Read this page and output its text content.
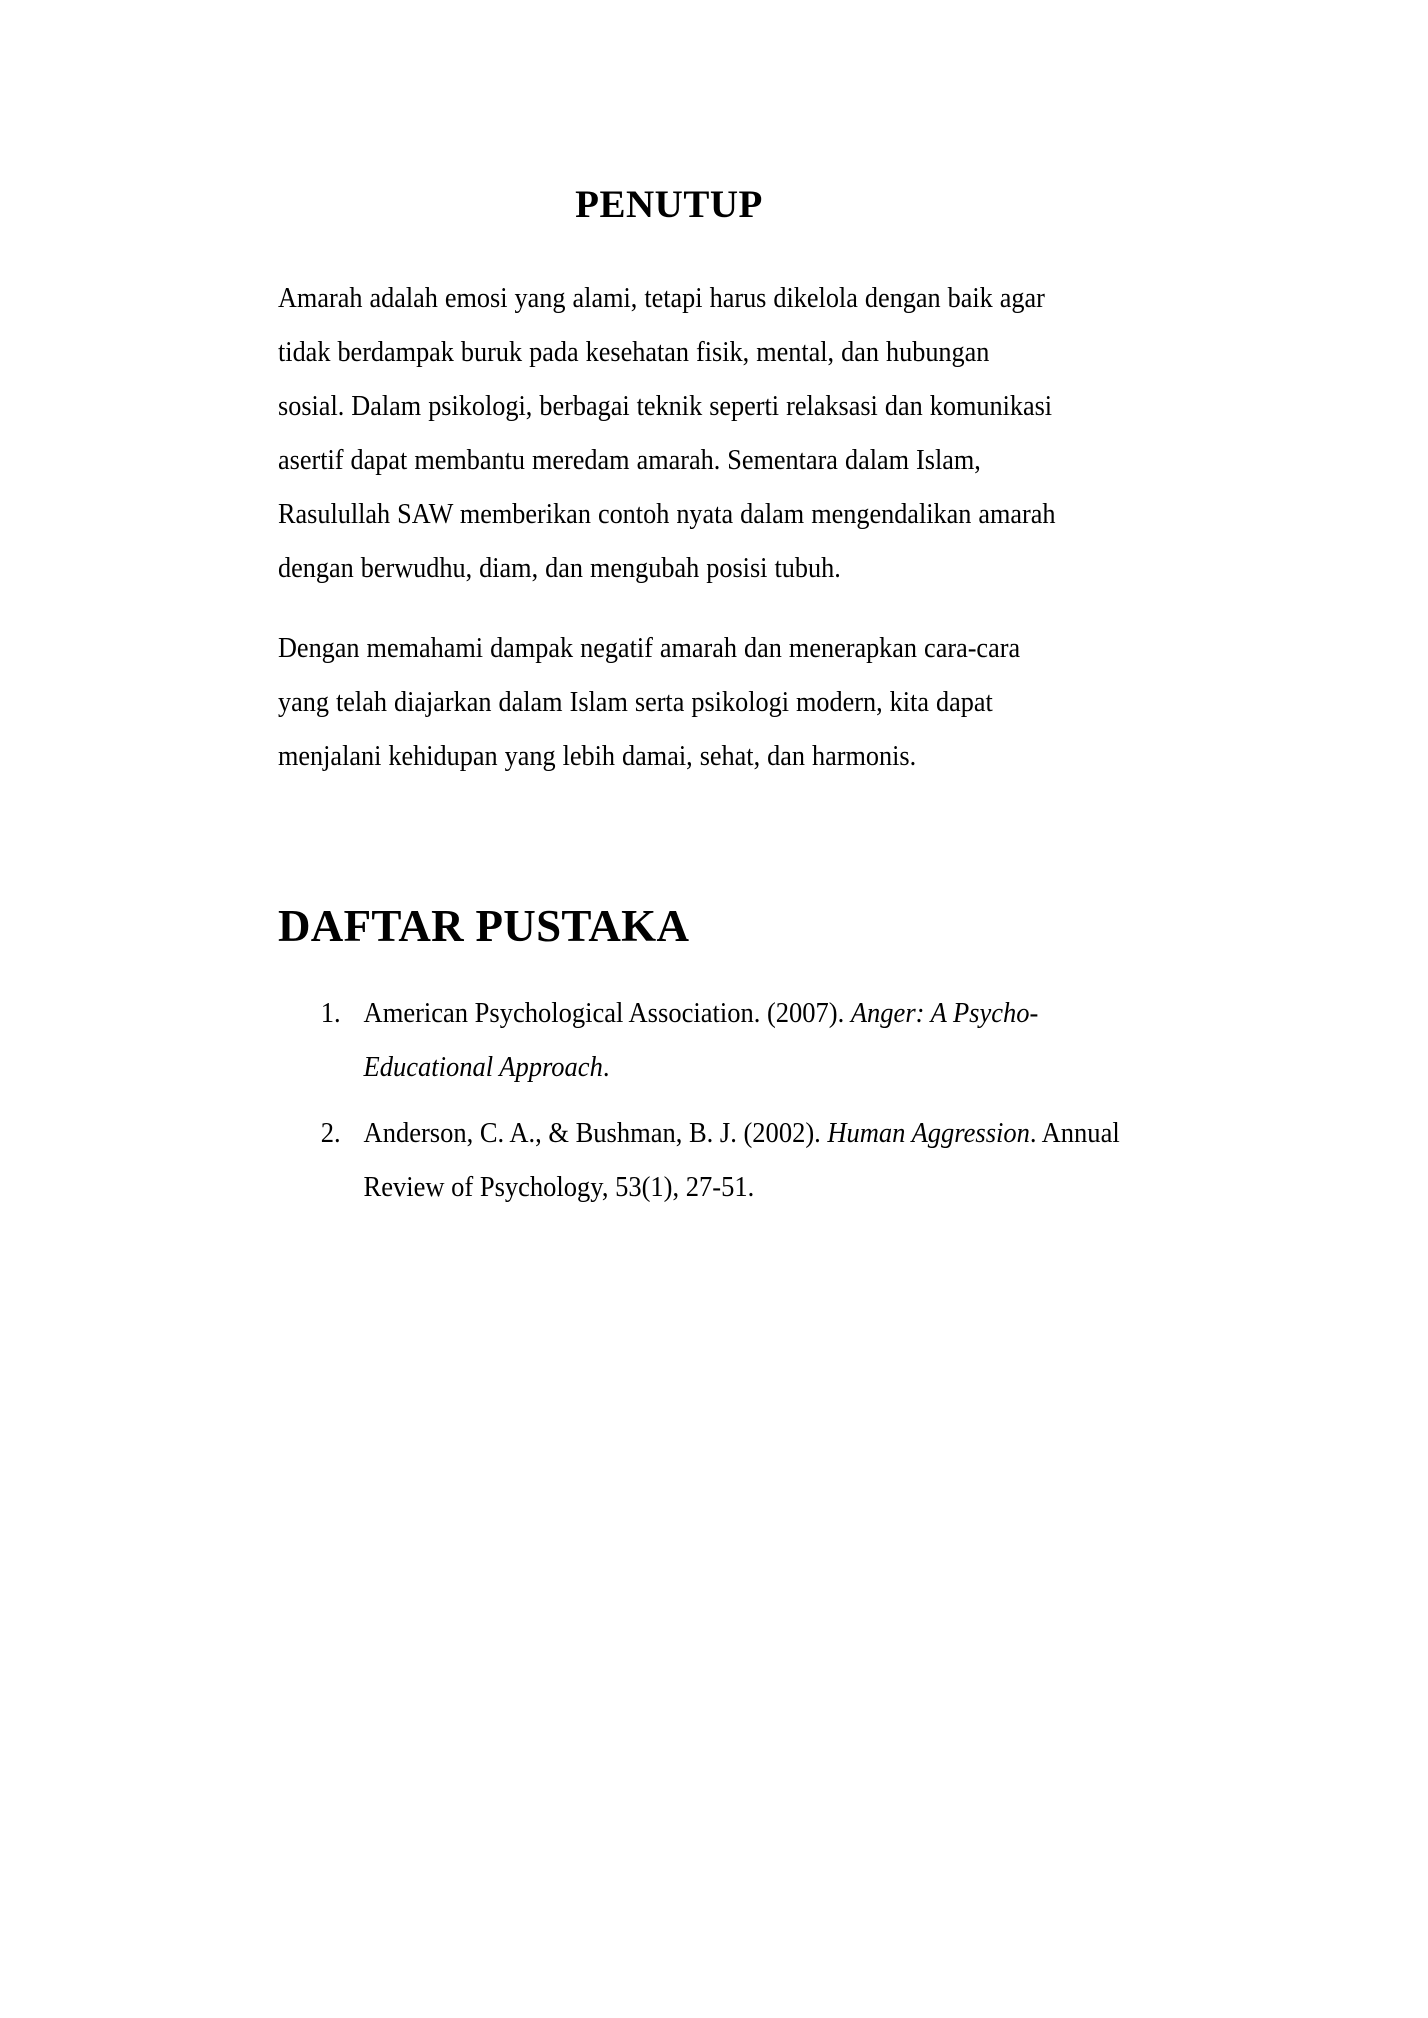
PENUTUP

Amarah adalah emosi yang alami, tetapi harus dikelola dengan baik agar tidak berdampak buruk pada kesehatan fisik, mental, dan hubungan sosial. Dalam psikologi, berbagai teknik seperti relaksasi dan komunikasi asertif dapat membantu meredam amarah. Sementara dalam Islam, Rasulullah SAW memberikan contoh nyata dalam mengendalikan amarah dengan berwudhu, diam, dan mengubah posisi tubuh.

Dengan memahami dampak negatif amarah dan menerapkan cara-cara yang telah diajarkan dalam Islam serta psikologi modern, kita dapat menjalani kehidupan yang lebih damai, sehat, dan harmonis.

DAFTAR PUSTAKA
1. American Psychological Association. (2007). Anger: A Psycho-Educational Approach.
2. Anderson, C. A., & Bushman, B. J. (2002). Human Aggression. Annual Review of Psychology, 53(1), 27-51.
